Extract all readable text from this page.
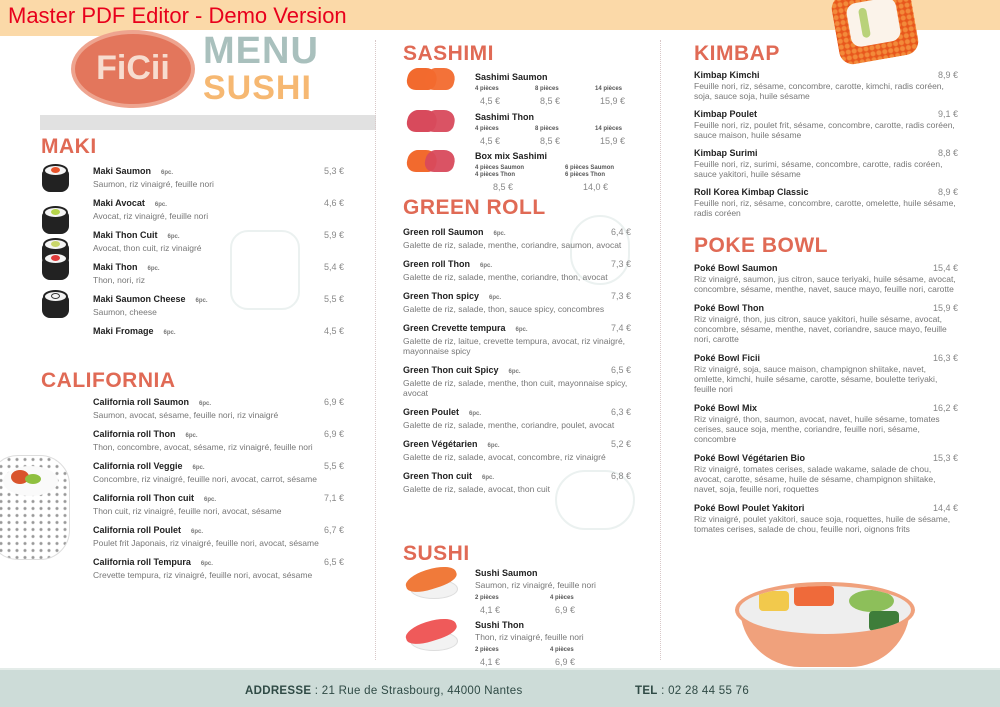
FiCii MENU
SUSHI
Master PDF Editor - Demo Version
MAKI
Maki Saumon 6pc.
Saumon, riz vinaigré, feuille nori
5,3 €
Maki Avocat 6pc.
Avocat, riz vinaigré, feuille nori
4,6 €
Maki Thon Cuit 6pc.
Avocat, thon cuit, riz vinaigré
5,9 €
Maki Thon 6pc.
Thon, nori, riz
5,4 €
Maki Saumon Cheese 6pc.
Saumon, cheese
5,5 €
Maki Fromage 6pc.	4,5 €
CALIFORNIA
California roll Saumon 6pc.
Saumon, avocat, sésame, feuille nori, riz vinaigré
6,9 €
California roll Thon 6pc.
Thon, concombre, avocat, sésame, riz vinaigré, feuille nori
6,9 €
California roll Veggie 6pc.
Concombre, riz vinaigré, feuille nori, avocat, carrot, sésame
5,5 €
California roll Thon cuit 6pc.
Thon cuit, riz vinaigré, feuille nori, avocat, sésame
7,1 €
California roll Poulet 6pc.
Poulet frit Japonais, riz vinaigré, feuille nori, avocat, sésame
6,7 €
California roll Tempura 6pc.
Crevette tempura, riz vinaigré, feuille nori, avocat, sésame
6,5 €
SASHIMI
Sashimi Saumon
4 pièces
4,5 €
8 pièces
8,5 €
14 pièces
15,9 €
Sashimi Thon
4 pièces
4,5 €
8 pièces
8,5 €
14 pièces
15,9 €
Box mix Sashimi
4 pièces Saumon
4 pièces Thon
8,5 €
6 pièces Saumon
6 pièces Thon
14,0 €
GREEN ROLL
Green roll Saumon 6pc.
Galette de riz, salade, menthe, coriandre, saumon, avocat
6,4 €
Green roll Thon 6pc.
Galette de riz, salade, menthe, coriandre, thon, avocat
7,3 €
Green Thon spicy 6pc.
Galette de riz, salade, thon, sauce spicy, concombres
7,3 €
Green Crevette tempura 6pc.
Galette de riz, laitue, crevette tempura, avocat, riz vinaigré, mayonnaise spicy
7,4 €
Green Thon cuit Spicy 6pc.
Galette de riz, salade, menthe, thon cuit, mayonnaise spicy, avocat
6,5 €
Green Poulet 6pc.
Galette de riz, salade, menthe, coriandre, poulet, avocat
6,3 €
Green Végétarien 6pc.
Galette de riz, salade, avocat, concombre, riz vinaigré
5,2 €
Green Thon cuit 6pc.
Galette de riz, salade, avocat, thon cuit
6,8 €
SUSHI
Sushi Saumon
Saumon, riz vinaigré, feuille nori
2 pièces
4,1 €
4 pièces
6,9 €
Sushi Thon
Thon, riz vinaigré, feuille nori
2 pièces
4,1 €
4 pièces
6,9 €
KIMBAP
Kimbap Kimchi
Feuille nori, riz, sésame, concombre, carotte, kimchi, radis coréen, soja, sauce soja, huile sésame
8,9 €
Kimbap Poulet
Feuille nori, riz, poulet frit, sésame, concombre, carotte, radis coréen, sauce maison, huile sésame
9,1 €
Kimbap Surimi
Feuille nori, riz, surimi, sésame, concombre, carotte, radis coréen, sauce yakitori, huile sésame
8,8 €
Roll Korea Kimbap Classic
Feuille nori, riz, sésame, concombre, carotte, omelette, huile sésame, radis coréen
8,9 €
POKE BOWL
Poké Bowl Saumon
Riz vinaigré, saumon, jus citron, sauce teriyaki, huile sésame, avocat, concombre, sésame, menthe, navet, sauce mayo, feuille nori, carotte
15,4 €
Poké Bowl Thon
Riz vinaigré, thon, jus citron, sauce yakitori, huile sésame, avocat, concombre, sésame, menthe, navet, coriandre, sauce mayo, feuille nori, carotte
15,9 €
Poké Bowl Ficii
Riz vinaigré, soja, sauce maison, champignon shiitake, navet, omlette, kimchi, huile sésame, carotte, sésame, boulette teriyaki, feuille nori
16,3 €
Poké Bowl Mix
Riz vinaigré, thon, saumon, avocat, navet, huile sésame, tomates cerises, sauce soja, menthe, coriandre, feuille nori, sésame, concombre
16,2 €
Poké Bowl Végétarien Bio
Riz vinaigré, tomates cerises, salade wakame, salade de chou, avocat, carotte, sésame, huile de sésame, champignon shiitake, navet, soja, feuille nori, roquettes
15,3 €
Poké Bowl Poulet Yakitori
Riz vinaigré, poulet yakitori, sauce soja, roquettes, huile de sésame, tomates cerises, salade de chou, feuille nori, oignons frits
14,4 €
ADDRESSE : 21 Rue de Strasbourg, 44000 Nantes	TEL : 02 28 44 55 76
